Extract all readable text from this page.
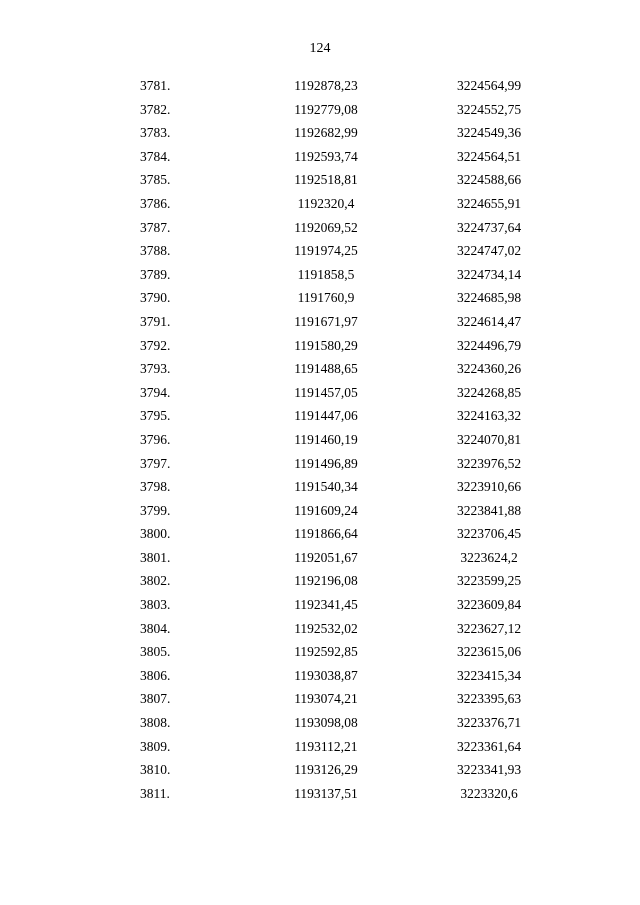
124
3781.	1192878,23	3224564,99
3782.	1192779,08	3224552,75
3783.	1192682,99	3224549,36
3784.	1192593,74	3224564,51
3785.	1192518,81	3224588,66
3786.	1192320,4	3224655,91
3787.	1192069,52	3224737,64
3788.	1191974,25	3224747,02
3789.	1191858,5	3224734,14
3790.	1191760,9	3224685,98
3791.	1191671,97	3224614,47
3792.	1191580,29	3224496,79
3793.	1191488,65	3224360,26
3794.	1191457,05	3224268,85
3795.	1191447,06	3224163,32
3796.	1191460,19	3224070,81
3797.	1191496,89	3223976,52
3798.	1191540,34	3223910,66
3799.	1191609,24	3223841,88
3800.	1191866,64	3223706,45
3801.	1192051,67	3223624,2
3802.	1192196,08	3223599,25
3803.	1192341,45	3223609,84
3804.	1192532,02	3223627,12
3805.	1192592,85	3223615,06
3806.	1193038,87	3223415,34
3807.	1193074,21	3223395,63
3808.	1193098,08	3223376,71
3809.	1193112,21	3223361,64
3810.	1193126,29	3223341,93
3811.	1193137,51	3223320,6
